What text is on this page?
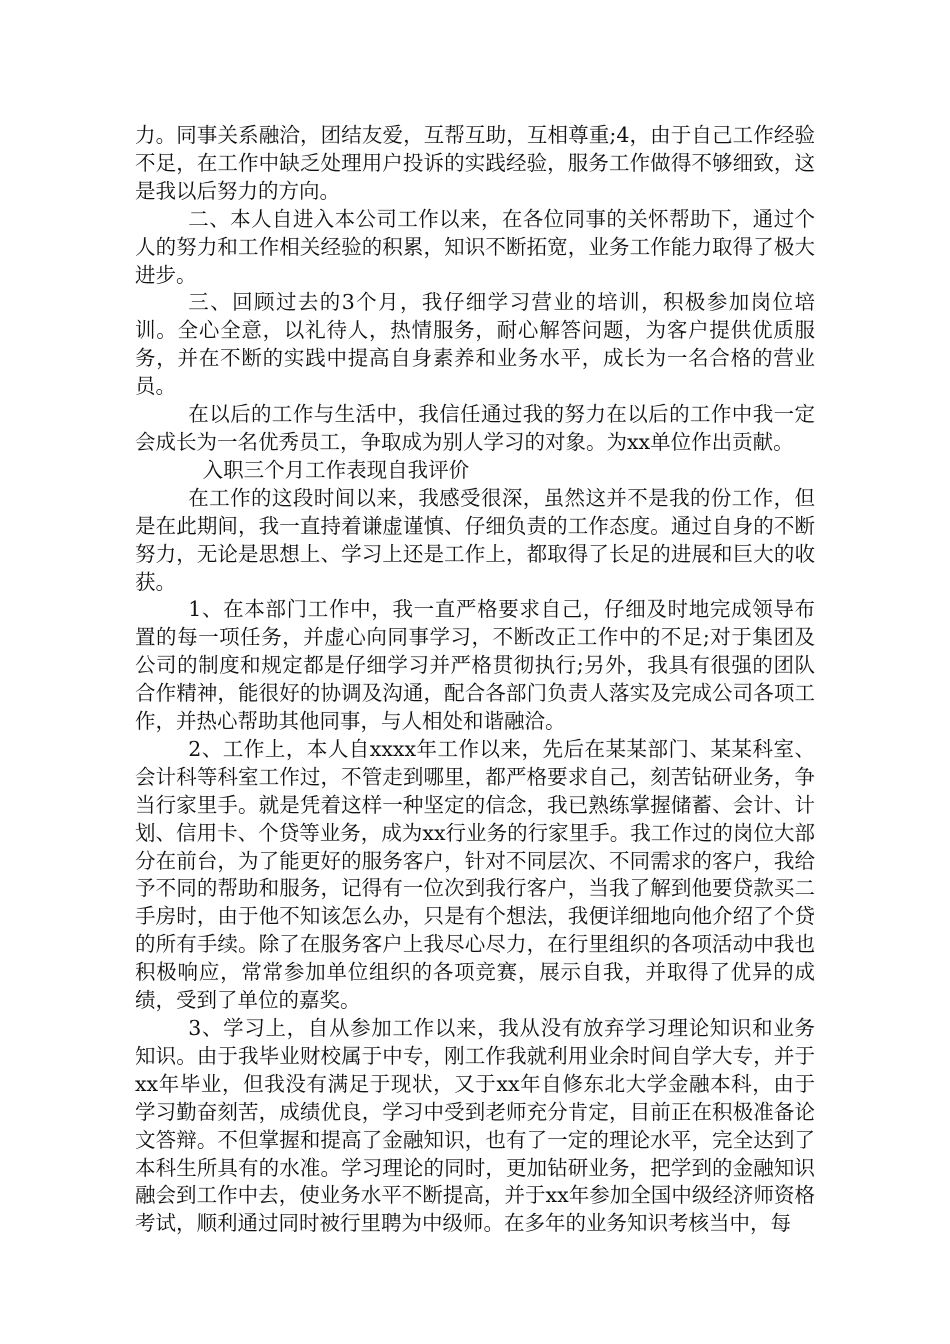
力。同事关系融洽，团结友爱，互帮互助，互相尊重;4，由于自己工作经验不足，在工作中缺乏处理用户投诉的实践经验，服务工作做得不够细致，这是我以后努力的方向。

二、本人自进入本公司工作以来，在各位同事的关怀帮助下，通过个人的努力和工作相关经验的积累，知识不断拓宽，业务工作能力取得了极大进步。

三、回顾过去的3个月，我仔细学习营业的培训，积极参加岗位培训。全心全意，以礼待人，热情服务，耐心解答问题，为客户提供优质服务，并在不断的实践中提高自身素养和业务水平，成长为一名合格的营业员。

在以后的工作与生活中，我信任通过我的努力在以后的工作中我一定会成长为一名优秀员工，争取成为别人学习的对象。为xx单位作出贡献。

入职三个月工作表现自我评价

在工作的这段时间以来，我感受很深，虽然这并不是我的份工作，但是在此期间，我一直持着谦虚谨慎、仔细负责的工作态度。通过自身的不断努力，无论是思想上、学习上还是工作上，都取得了长足的进展和巨大的收获。

1、在本部门工作中，我一直严格要求自己，仔细及时地完成领导布置的每一项任务，并虚心向同事学习，不断改正工作中的不足;对于集团及公司的制度和规定都是仔细学习并严格贯彻执行;另外，我具有很强的团队合作精神，能很好的协调及沟通，配合各部门负责人落实及完成公司各项工作，并热心帮助其他同事，与人相处和谐融洽。

2、工作上，本人自xxxx年工作以来，先后在某某部门、某某科室、会计科等科室工作过，不管走到哪里，都严格要求自己，刻苦钻研业务，争当行家里手。就是凭着这样一种坚定的信念，我已熟练掌握储蓄、会计、计划、信用卡、个贷等业务，成为xx行业务的行家里手。我工作过的岗位大部分在前台，为了能更好的服务客户，针对不同层次、不同需求的客户，我给予不同的帮助和服务，记得有一位次到我行客户，当我了解到他要贷款买二手房时，由于他不知该怎么办，只是有个想法，我便详细地向他介绍了个贷的所有手续。除了在服务客户上我尽心尽力，在行里组织的各项活动中我也积极响应，常常参加单位组织的各项竞赛，展示自我，并取得了优异的成绩，受到了单位的嘉奖。

3、学习上，自从参加工作以来，我从没有放弃学习理论知识和业务知识。由于我毕业财校属于中专，刚工作我就利用业余时间自学大专，并于xx年毕业，但我没有满足于现状，又于xx年自修东北大学金融本科，由于学习勤奋刻苦，成绩优良，学习中受到老师充分肯定，目前正在积极准备论文答辩。不但掌握和提高了金融知识，也有了一定的理论水平，完全达到了本科生所具有的水准。学习理论的同时，更加钻研业务，把学到的金融知识融会到工作中去，使业务水平不断提高，并于xx年参加全国中级经济师资格考试，顺利通过同时被行里聘为中级师。在多年的业务知识考核当中，每
